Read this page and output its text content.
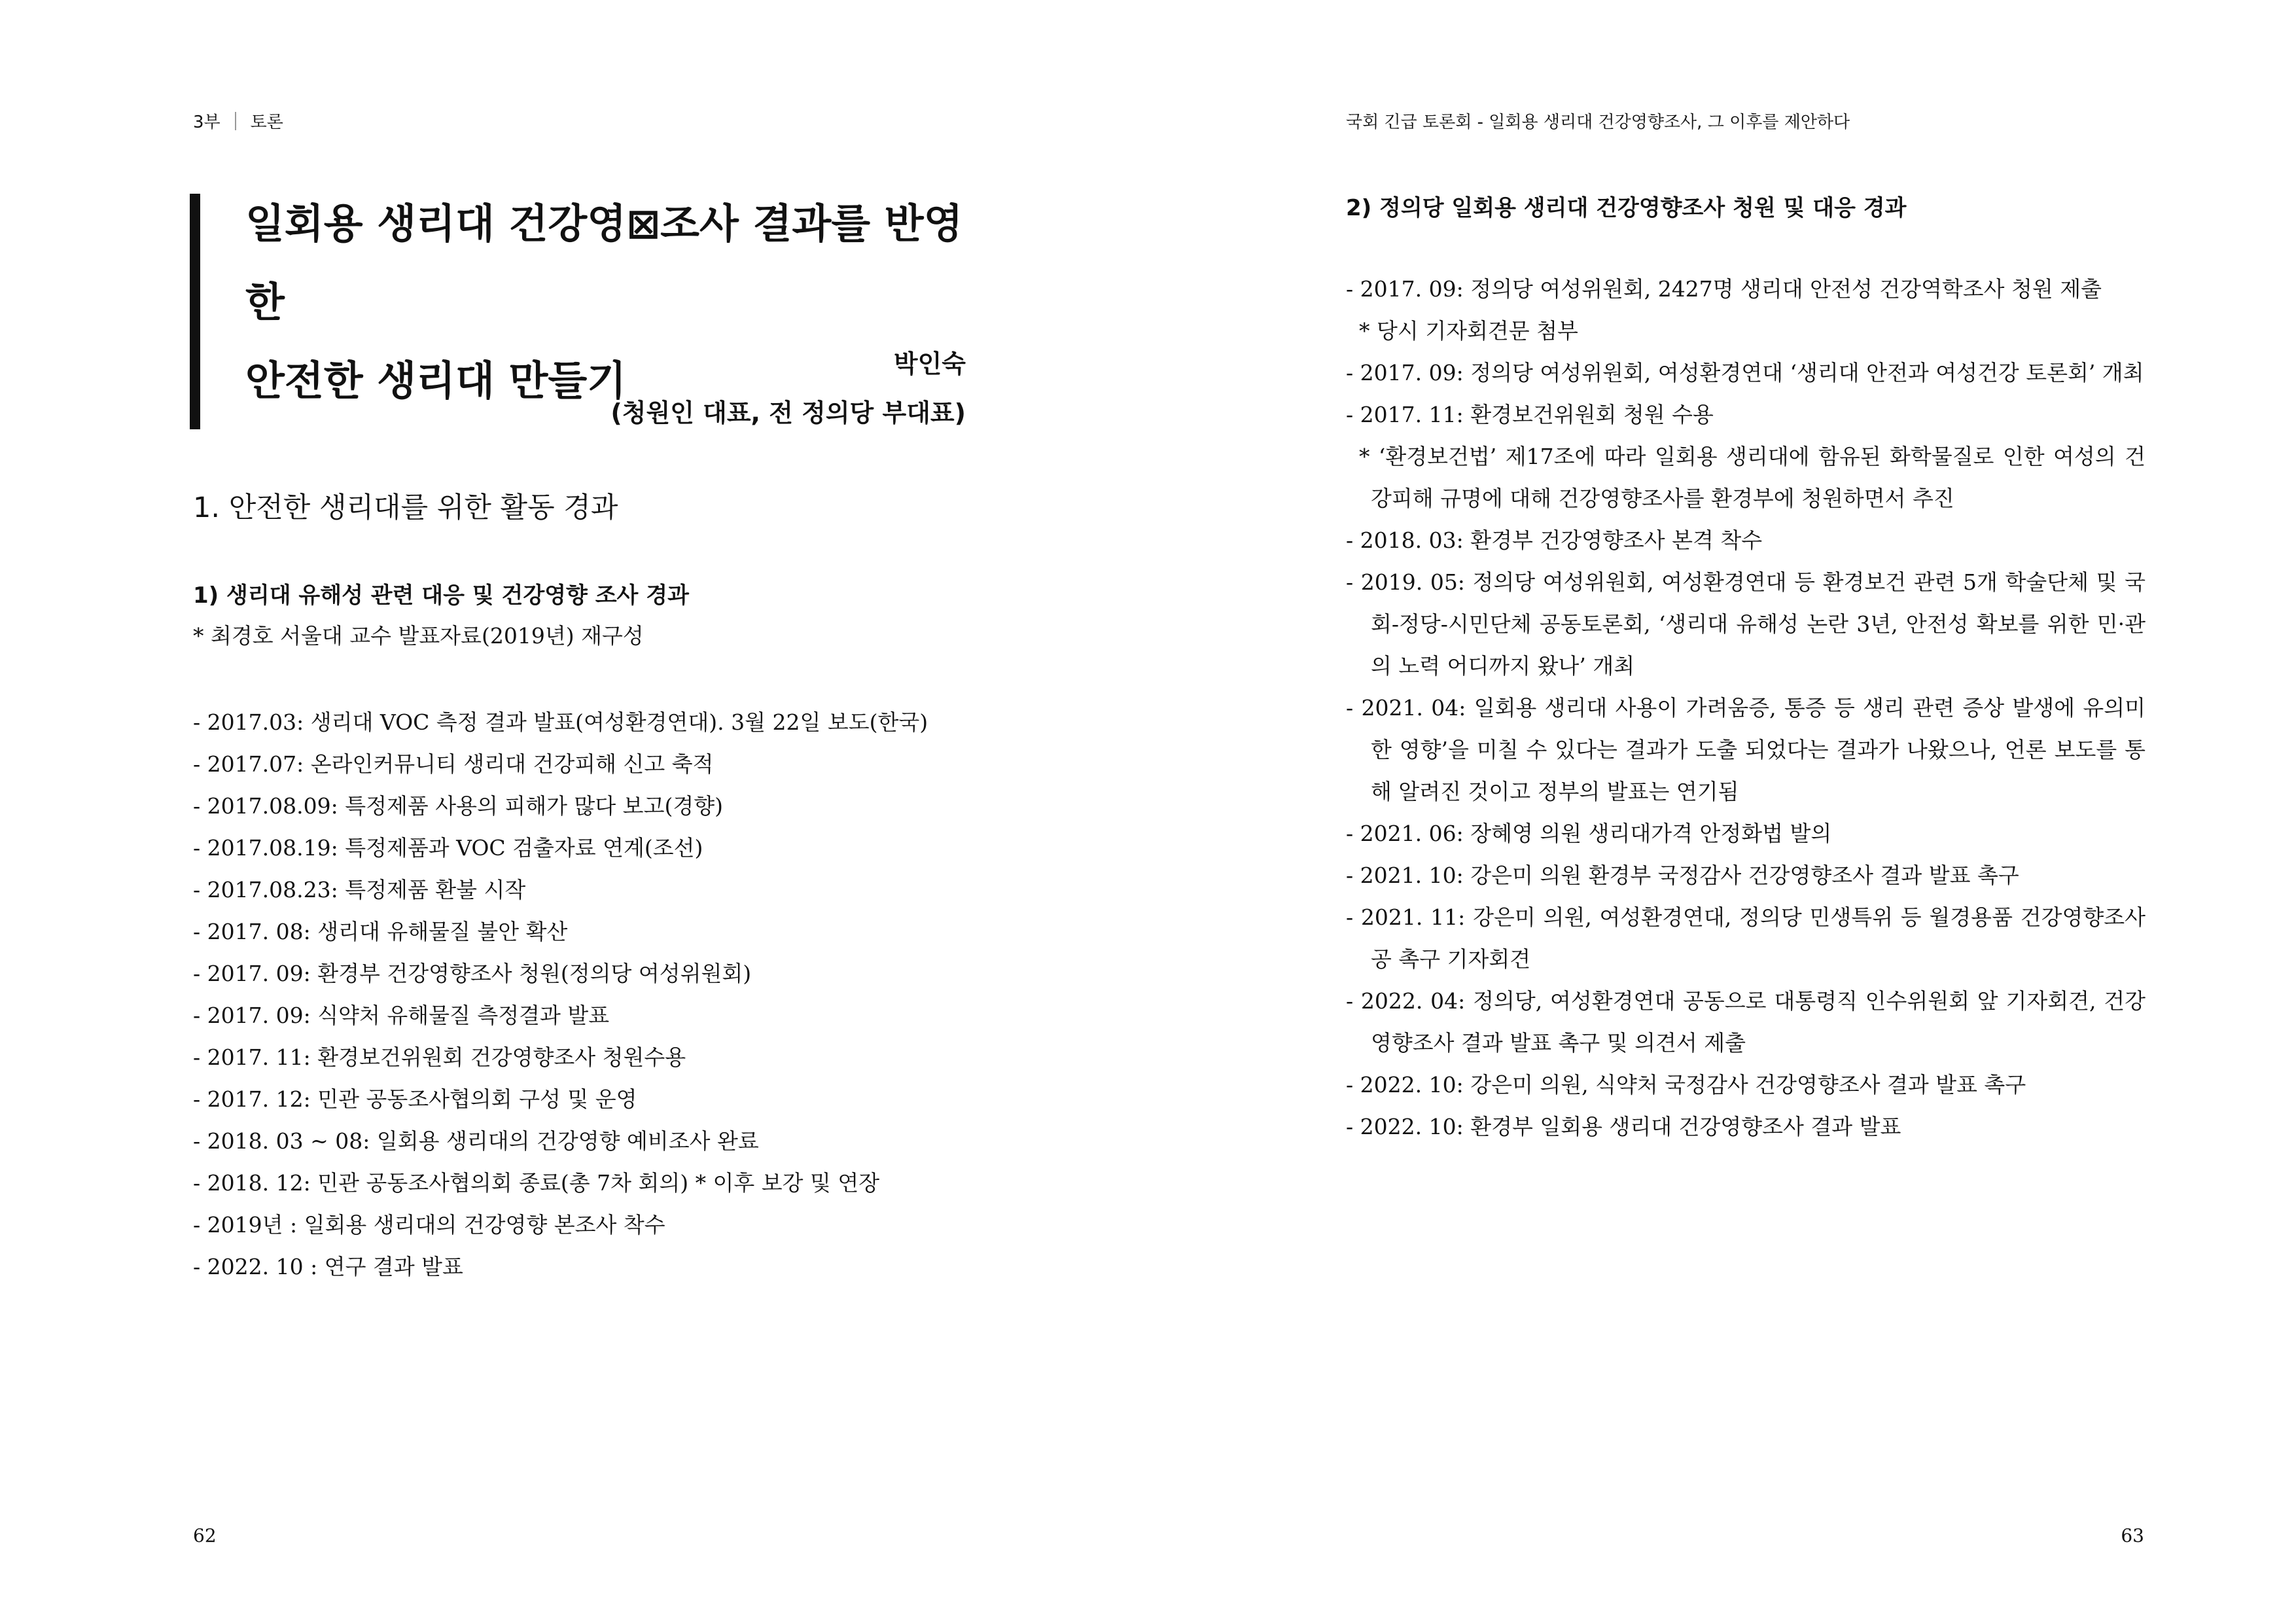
3부 토론	국회 긴급 토론회 - 일회용 생리대 건강영향조사, 그 이후를 제안하다
일회용 생리대 건강영⊠조사 결과를 반영한
안전한 생리대 만들기	박인숙
(청원인 대표, 전 정의당 부대표)
1. 안전한 생리대를 위한 활동 경과
1) 생리대 유해성 관련 대응 및 건강영향 조사 경과
* 최경호 서울대 교수 발표자료(2019년) 재구성
- 2017.03: 생리대 VOC 측정 결과 발표(여성환경연대). 3월 22일 보도(한국)
- 2017.07: 온라인커뮤니티 생리대 건강피해 신고 축적
- 2017.08.09: 특정제품 사용의 피해가 많다 보고(경향)
- 2017.08.19: 특정제품과 VOC 검출자료 연계(조선)
- 2017.08.23: 특정제품 환불 시작
- 2017. 08: 생리대 유해물질 불안 확산
- 2017. 09: 환경부 건강영향조사 청원(정의당 여성위원회)
- 2017. 09: 식약처 유해물질 측정결과 발표
- 2017. 11: 환경보건위원회 건강영향조사 청원수용
- 2017. 12: 민관 공동조사협의회 구성 및 운영
- 2018. 03 ~ 08: 일회용 생리대의 건강영향 예비조사 완료
- 2018. 12: 민관 공동조사협의회 종료(총 7차 회의) * 이후 보강 및 연장
- 2019년 : 일회용 생리대의 건강영향 본조사 착수
- 2022. 10 : 연구 결과 발표
2) 정의당 일회용 생리대 건강영향조사 청원 및 대응 경과
- 2017. 09: 정의당 여성위원회, 2427명 생리대 안전성 건강역학조사 청원 제출
* 당시 기자회견문 첨부
- 2017. 09: 정의당 여성위원회, 여성환경연대 ‘생리대 안전과 여성건강 토론회’ 개최
- 2017. 11: 환경보건위원회 청원 수용
* ‘환경보건법’ 제17조에 따라 일회용 생리대에 함유된 화학물질로 인한 여성의 건강피해 규명에 대해 건강영향조사를 환경부에 청원하면서 추진
- 2018. 03: 환경부 건강영향조사 본격 착수
- 2019. 05: 정의당 여성위원회, 여성환경연대 등 환경보건 관련 5개 학술단체 및 국회-정당-시민단체 공동토론회, ‘생리대 유해성 논란 3년, 안전성 확보를 위한 민·관의 노력 어디까지 왔나’ 개최
- 2021. 04: 일회용 생리대 사용이 가려움증, 통증 등 생리 관련 증상 발생에 유의미한 영향’을 미칠 수 있다는 결과가 도출 되었다는 결과가 나왔으나, 언론 보도를 통해 알려진 것이고 정부의 발표는 연기됨
- 2021. 06: 장혜영 의원 생리대가격 안정화법 발의
- 2021. 10: 강은미 의원 환경부 국정감사 건강영향조사 결과 발표 촉구
- 2021. 11: 강은미 의원, 여성환경연대, 정의당 민생특위 등 월경용품 건강영향조사 공 촉구 기자회견
- 2022. 04: 정의당, 여성환경연대 공동으로 대통령직 인수위원회 앞 기자회견, 건강영향조사 결과 발표 촉구 및 의견서 제출
- 2022. 10: 강은미 의원, 식약처 국정감사 건강영향조사 결과 발표 촉구
- 2022. 10: 환경부 일회용 생리대 건강영향조사 결과 발표
62	63
